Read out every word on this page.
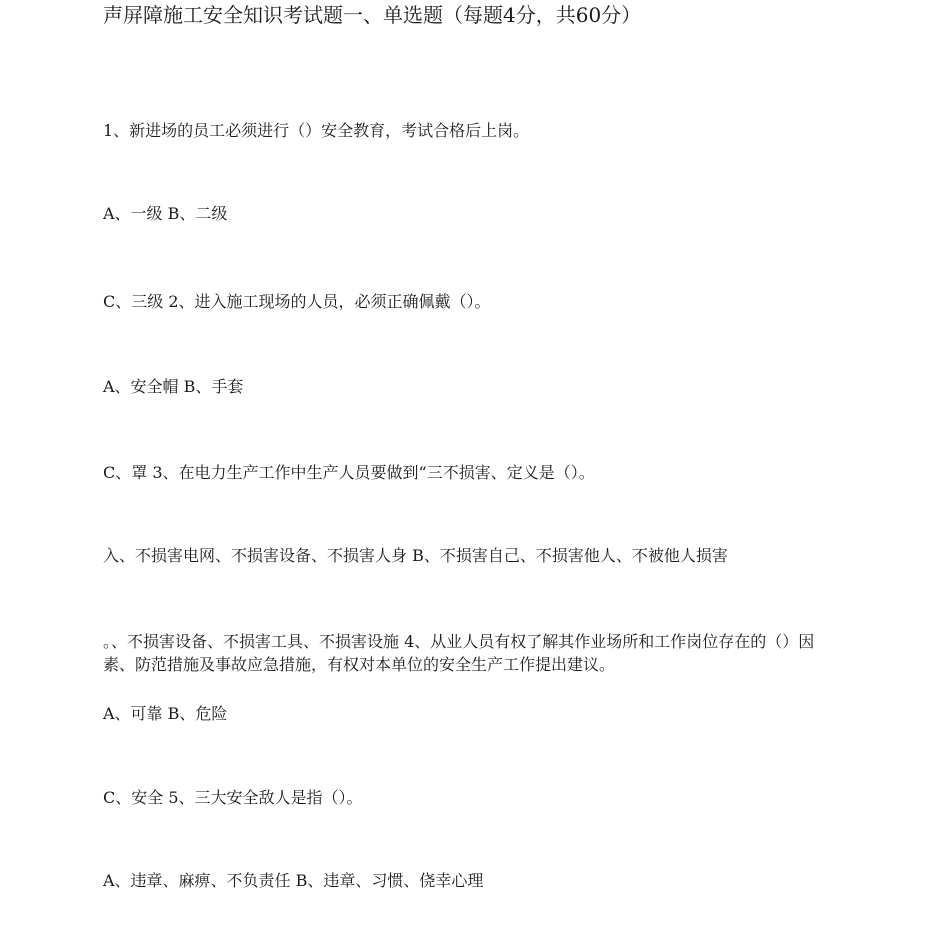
声屏障施工安全知识考试题一、单选题（每题4分，共60分）
1、新进场的员工必须进行（）安全教育，考试合格后上岗。
A、一级 B、二级
C、三级 2、进入施工现场的人员，必须正确佩戴（）。
A、安全帽 B、手套
C、罩 3、在电力生产工作中生产人员要做到“三不损害、定义是（）。
入、不损害电网、不损害设备、不损害人身 B、不损害自己、不损害他人、不被他人损害
。、不损害设备、不损害工具、不损害设施 4、从业人员有权了解其作业场所和工作岗位存在的（）因素、防范措施及事故应急措施，有权对本单位的安全生产工作提出建议。
A、可靠 B、危险
C、安全 5、三大安全敌人是指（）。
A、违章、麻痹、不负责任 B、违章、习惯、侥幸心理
